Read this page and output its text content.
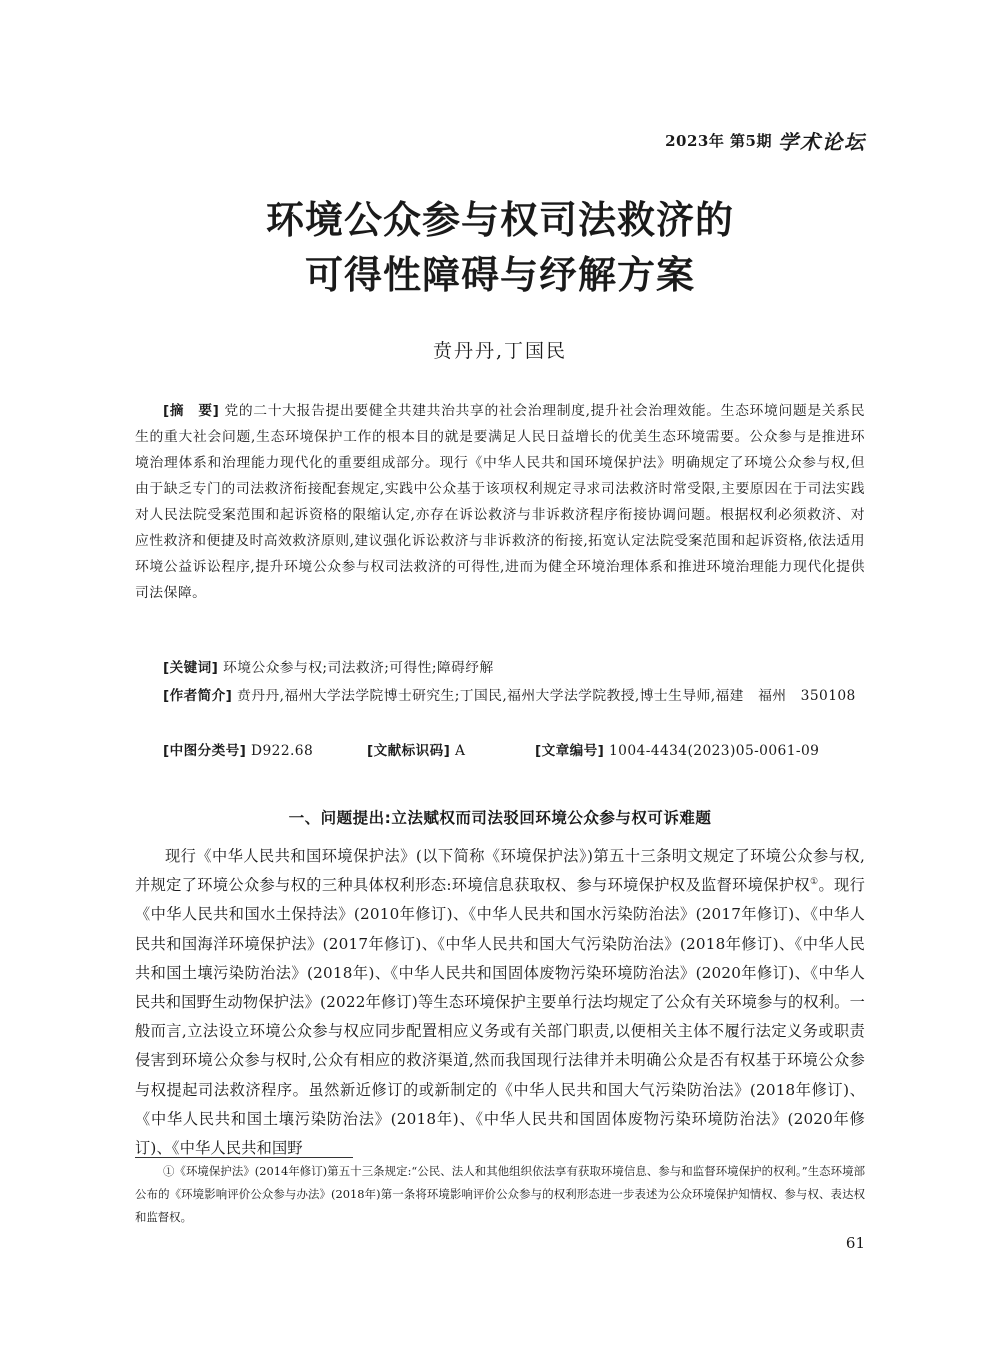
2023年 第5期 学术论坛
环境公众参与权司法救济的
可得性障碍与纾解方案
贲丹丹,丁国民
[摘　要] 党的二十大报告提出要健全共建共治共享的社会治理制度,提升社会治理效能。生态环境问题是关系民生的重大社会问题,生态环境保护工作的根本目的就是要满足人民日益增长的优美生态环境需要。公众参与是推进环境治理体系和治理能力现代化的重要组成部分。现行《中华人民共和国环境保护法》明确规定了环境公众参与权,但由于缺乏专门的司法救济衔接配套规定,实践中公众基于该项权利规定寻求司法救济时常受限,主要原因在于司法实践对人民法院受案范围和起诉资格的限缩认定,亦存在诉讼救济与非诉救济程序衔接协调问题。根据权利必须救济、对应性救济和便捷及时高效救济原则,建议强化诉讼救济与非诉救济的衔接,拓宽认定法院受案范围和起诉资格,依法适用环境公益诉讼程序,提升环境公众参与权司法救济的可得性,进而为健全环境治理体系和推进环境治理能力现代化提供司法保障。
[关键词] 环境公众参与权;司法救济;可得性;障碍纾解
[作者简介] 贲丹丹,福州大学法学院博士研究生;丁国民,福州大学法学院教授,博士生导师,福建　福州　350108
[中图分类号] D922.68	[文献标识码] A	[文章编号] 1004-4434(2023)05-0061-09
一、问题提出:立法赋权而司法驳回环境公众参与权可诉难题
现行《中华人民共和国环境保护法》(以下简称《环境保护法》)第五十三条明文规定了环境公众参与权,并规定了环境公众参与权的三种具体权利形态:环境信息获取权、参与环境保护权及监督环境保护权①。现行《中华人民共和国水土保持法》(2010年修订)、《中华人民共和国水污染防治法》(2017年修订)、《中华人民共和国海洋环境保护法》(2017年修订)、《中华人民共和国大气污染防治法》(2018年修订)、《中华人民共和国土壤污染防治法》(2018年)、《中华人民共和国固体废物污染环境防治法》(2020年修订)、《中华人民共和国野生动物保护法》(2022年修订)等生态环境保护主要单行法均规定了公众有关环境参与的权利。一般而言,立法设立环境公众参与权应同步配置相应义务或有关部门职责,以便相关主体不履行法定义务或职责侵害到环境公众参与权时,公众有相应的救济渠道,然而我国现行法律并未明确公众是否有权基于环境公众参与权提起司法救济程序。虽然新近修订的或新制定的《中华人民共和国大气污染防治法》(2018年修订)、《中华人民共和国土壤污染防治法》(2018年)、《中华人民共和国固体废物污染环境防治法》(2020年修订)、《中华人民共和国野
①《环境保护法》(2014年修订)第五十三条规定:“公民、法人和其他组织依法享有获取环境信息、参与和监督环境保护的权利。”生态环境部公布的《环境影响评价公众参与办法》(2018年)第一条将环境影响评价公众参与的权利形态进一步表述为公众环境保护知情权、参与权、表达权和监督权。
61
